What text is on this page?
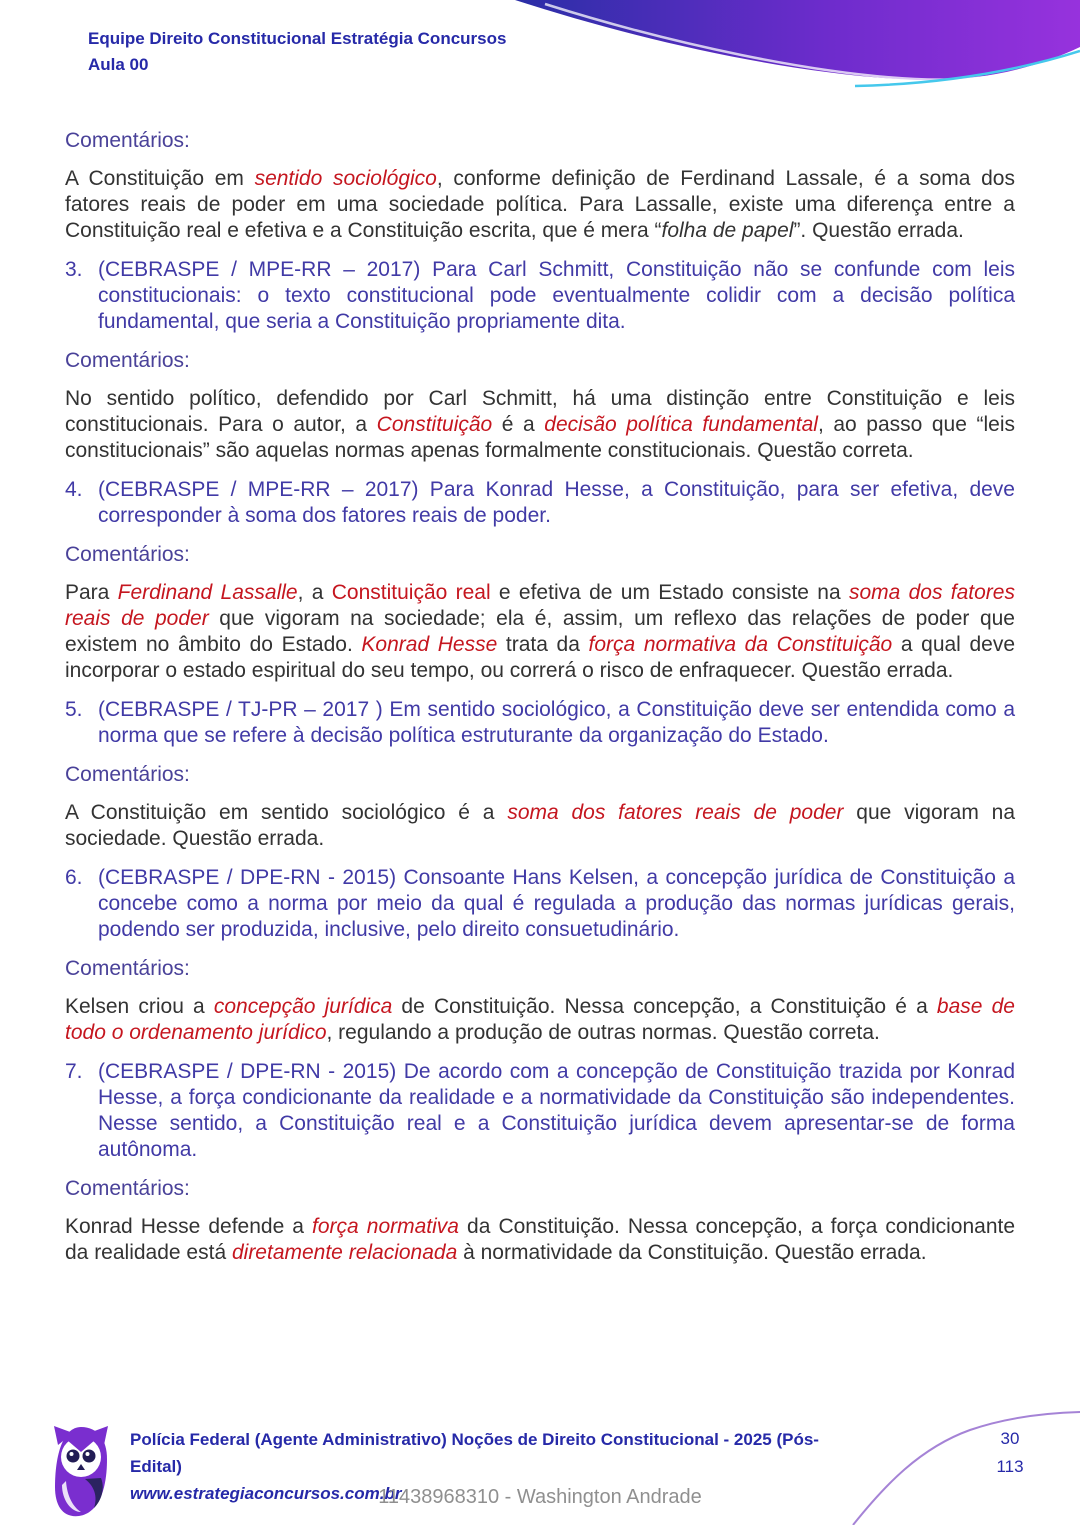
Equipe Direito Constitucional Estratégia Concursos
Aula 00
Comentários:

A Constituição em sentido sociológico, conforme definição de Ferdinand Lassale, é a soma dos fatores reais de poder em uma sociedade política. Para Lassalle, existe uma diferença entre a Constituição real e efetiva e a Constituição escrita, que é mera “folha de papel”. Questão errada.

3. (CEBRASPE / MPE-RR – 2017) Para Carl Schmitt, Constituição não se confunde com leis constitucionais: o texto constitucional pode eventualmente colidir com a decisão política fundamental, que seria a Constituição propriamente dita.
Comentários:

No sentido político, defendido por Carl Schmitt, há uma distinção entre Constituição e leis constitucionais. Para o autor, a Constituição é a decisão política fundamental, ao passo que “leis constitucionais” são aquelas normas apenas formalmente constitucionais. Questão correta.

4. (CEBRASPE / MPE-RR – 2017) Para Konrad Hesse, a Constituição, para ser efetiva, deve corresponder à soma dos fatores reais de poder.
Comentários:

Para Ferdinand Lassalle, a Constituição real e efetiva de um Estado consiste na soma dos fatores reais de poder que vigoram na sociedade; ela é, assim, um reflexo das relações de poder que existem no âmbito do Estado. Konrad Hesse trata da força normativa da Constituição a qual deve incorporar o estado espiritual do seu tempo, ou correrá o risco de enfraquecer. Questão errada.

5. (CEBRASPE / TJ-PR – 2017 ) Em sentido sociológico, a Constituição deve ser entendida como a norma que se refere à decisão política estruturante da organização do Estado.
Comentários:

A Constituição em sentido sociológico é a soma dos fatores reais de poder que vigoram na sociedade. Questão errada.

6. (CEBRASPE / DPE-RN - 2015) Consoante Hans Kelsen, a concepção jurídica de Constituição a concebe como a norma por meio da qual é regulada a produção das normas jurídicas gerais, podendo ser produzida, inclusive, pelo direito consuetudinário.
Comentários:

Kelsen criou a concepção jurídica de Constituição. Nessa concepção, a Constituição é a base de todo o ordenamento jurídico, regulando a produção de outras normas. Questão correta.

7. (CEBRASPE / DPE-RN - 2015) De acordo com a concepção de Constituição trazida por Konrad Hesse, a força condicionante da realidade e a normatividade da Constituição são independentes. Nesse sentido, a Constituição real e a Constituição jurídica devem apresentar-se de forma autônoma.
Comentários:

Konrad Hesse defende a força normativa da Constituição. Nessa concepção, a força condicionante da realidade está diretamente relacionada à normatividade da Constituição. Questão errada.

Polícia Federal (Agente Administrativo) Noções de Direito Constitucional - 2025 (Pós-Edital)
www.estrategiaconcursos.com.br
30
113
11438968310 - Washington Andrade
